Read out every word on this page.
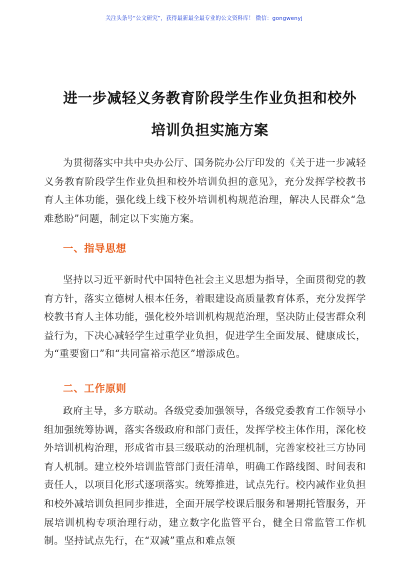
关注头条号“公文研究”，获得最新最全最专业的公文资料库！ 微信：gongwenyj
进一步减轻义务教育阶段学生作业负担和校外
培训负担实施方案

为贯彻落实中共中央办公厅、国务院办公厅印发的《关于进一步减轻义务教育阶段学生作业负担和校外培训负担的意见》，充分发挥学校教书育人主体功能，强化线上线下校外培训机构规范治理，解决人民群众“急难愁盼”问题，制定以下实施方案。

一、指导思想

坚持以习近平新时代中国特色社会主义思想为指导，全面贯彻党的教育方针，落实立德树人根本任务，着眼建设高质量教育体系，充分发挥学校教书育人主体功能，强化校外培训机构规范治理，坚决防止侵害群众利益行为，下决心减轻学生过重学业负担，促进学生全面发展、健康成长，为“重要窗口”和“共同富裕示范区”增添成色。

二、工作原则

政府主导，多方联动。各级党委加强领导，各级党委教育工作领导小组加强统筹协调，落实各级政府和部门责任，发挥学校主体作用，深化校外培训机构治理，形成省市县三级联动的治理机制，完善家校社三方协同育人机制。建立校外培训监管部门责任清单，明确工作路线图、时间表和责任人，以项目化形式逐项落实。统筹推进，试点先行。校内减作业负担和校外减培训负担同步推进，全面开展学校课后服务和暑期托管服务，开展培训机构专项治理行动，建立数字化监管平台，健全日常监管工作机制。坚持试点先行，在“双减”重点和难点领
